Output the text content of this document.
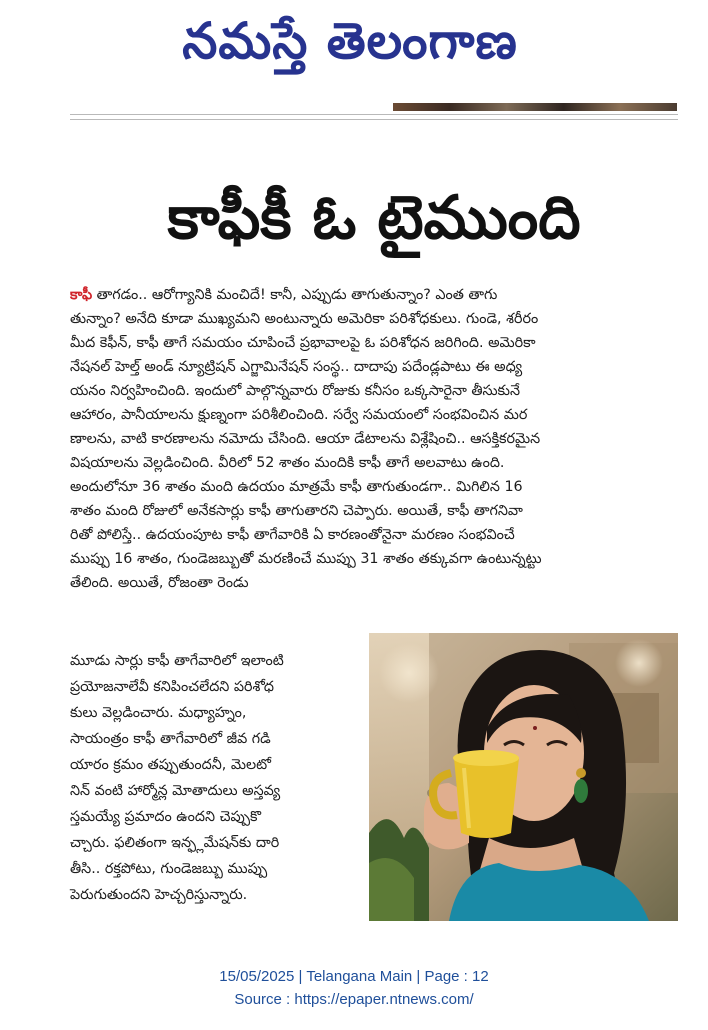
నమస్తే తెలంగాణ
కాఫీకీ ఓ టైముంది
కాఫీ తాగడం.. ఆరోగ్యానికి మంచిదే! కానీ, ఎప్పుడు తాగుతున్నాం? ఎంత తాగు
తున్నాం? అనేది కూడా ముఖ్యమని అంటున్నారు అమెరికా పరిశోధకులు. గుండె, శరీరం
మీద కెఫీన్, కాఫీ తాగే సమయం చూపించే ప్రభావాలపై ఓ పరిశోధన జరిగింది. అమెరికా
నేషనల్ హెల్త్ అండ్ న్యూట్రిషన్ ఎగ్జామినేషన్ సంస్థ.. దాదాపు పదేండ్లపాటు ఈ అధ్య
యనం నిర్వహించింది. ఇందులో పాల్గొన్నవారు రోజుకు కనీసం ఒక్కసారైనా తీసుకునే
ఆహారం, పానీయాలను క్షుణ్నంగా పరిశీలించింది. సర్వే సమయంలో సంభవించిన మర
ణాలను, వాటి కారణాలను నమోదు చేసింది. ఆయా డేటాలను విశ్లేషించి.. ఆసక్తికరమైన
విషయాలను వెల్లడించింది. వీరిలో 52 శాతం మందికి కాఫీ తాగే అలవాటు ఉంది.
అందులోనూ 36 శాతం మంది ఉదయం మాత్రమే కాఫీ తాగుతుండగా.. మిగిలిన 16
శాతం మంది రోజులో అనేకసార్లు కాఫీ తాగుతారని చెప్పారు. అయితే, కాఫీ తాగనివా
రితో పోలిస్తే.. ఉదయంపూట కాఫీ తాగేవారికి ఏ కారణంతోనైనా మరణం సంభవించే
ముప్పు 16 శాతం, గుండెజబ్బుతో మరణించే ముప్పు 31 శాతం తక్కువగా ఉంటున్నట్టు
తేలింది. అయితే, రోజంతా రెండు
మూడు సార్లు కాఫీ తాగేవారిలో ఇలాంటి
ప్రయోజనాలేవీ కనిపించలేదని పరిశోధ
కులు వెల్లడించారు. మధ్యాహ్నం,
సాయంత్రం కాఫీ తాగేవారిలో జీవ గడి
యారం క్రమం తప్పుతుందనీ, మెలటో
నిన్ వంటి హార్మోన్ల మోతాదులు అస్తవ్య
స్తమయ్యే ప్రమాదం ఉందని చెప్పుకొ
చ్చారు. ఫలితంగా ఇన్ఫ్లమేషన్‌కు దారి
తీసి.. రక్తపోటు, గుండెజబ్బు ముప్పు
పెరుగుతుందని హెచ్చరిస్తున్నారు.
15/05/2025 | Telangana Main | Page : 12
Source : https://epaper.ntnews.com/
